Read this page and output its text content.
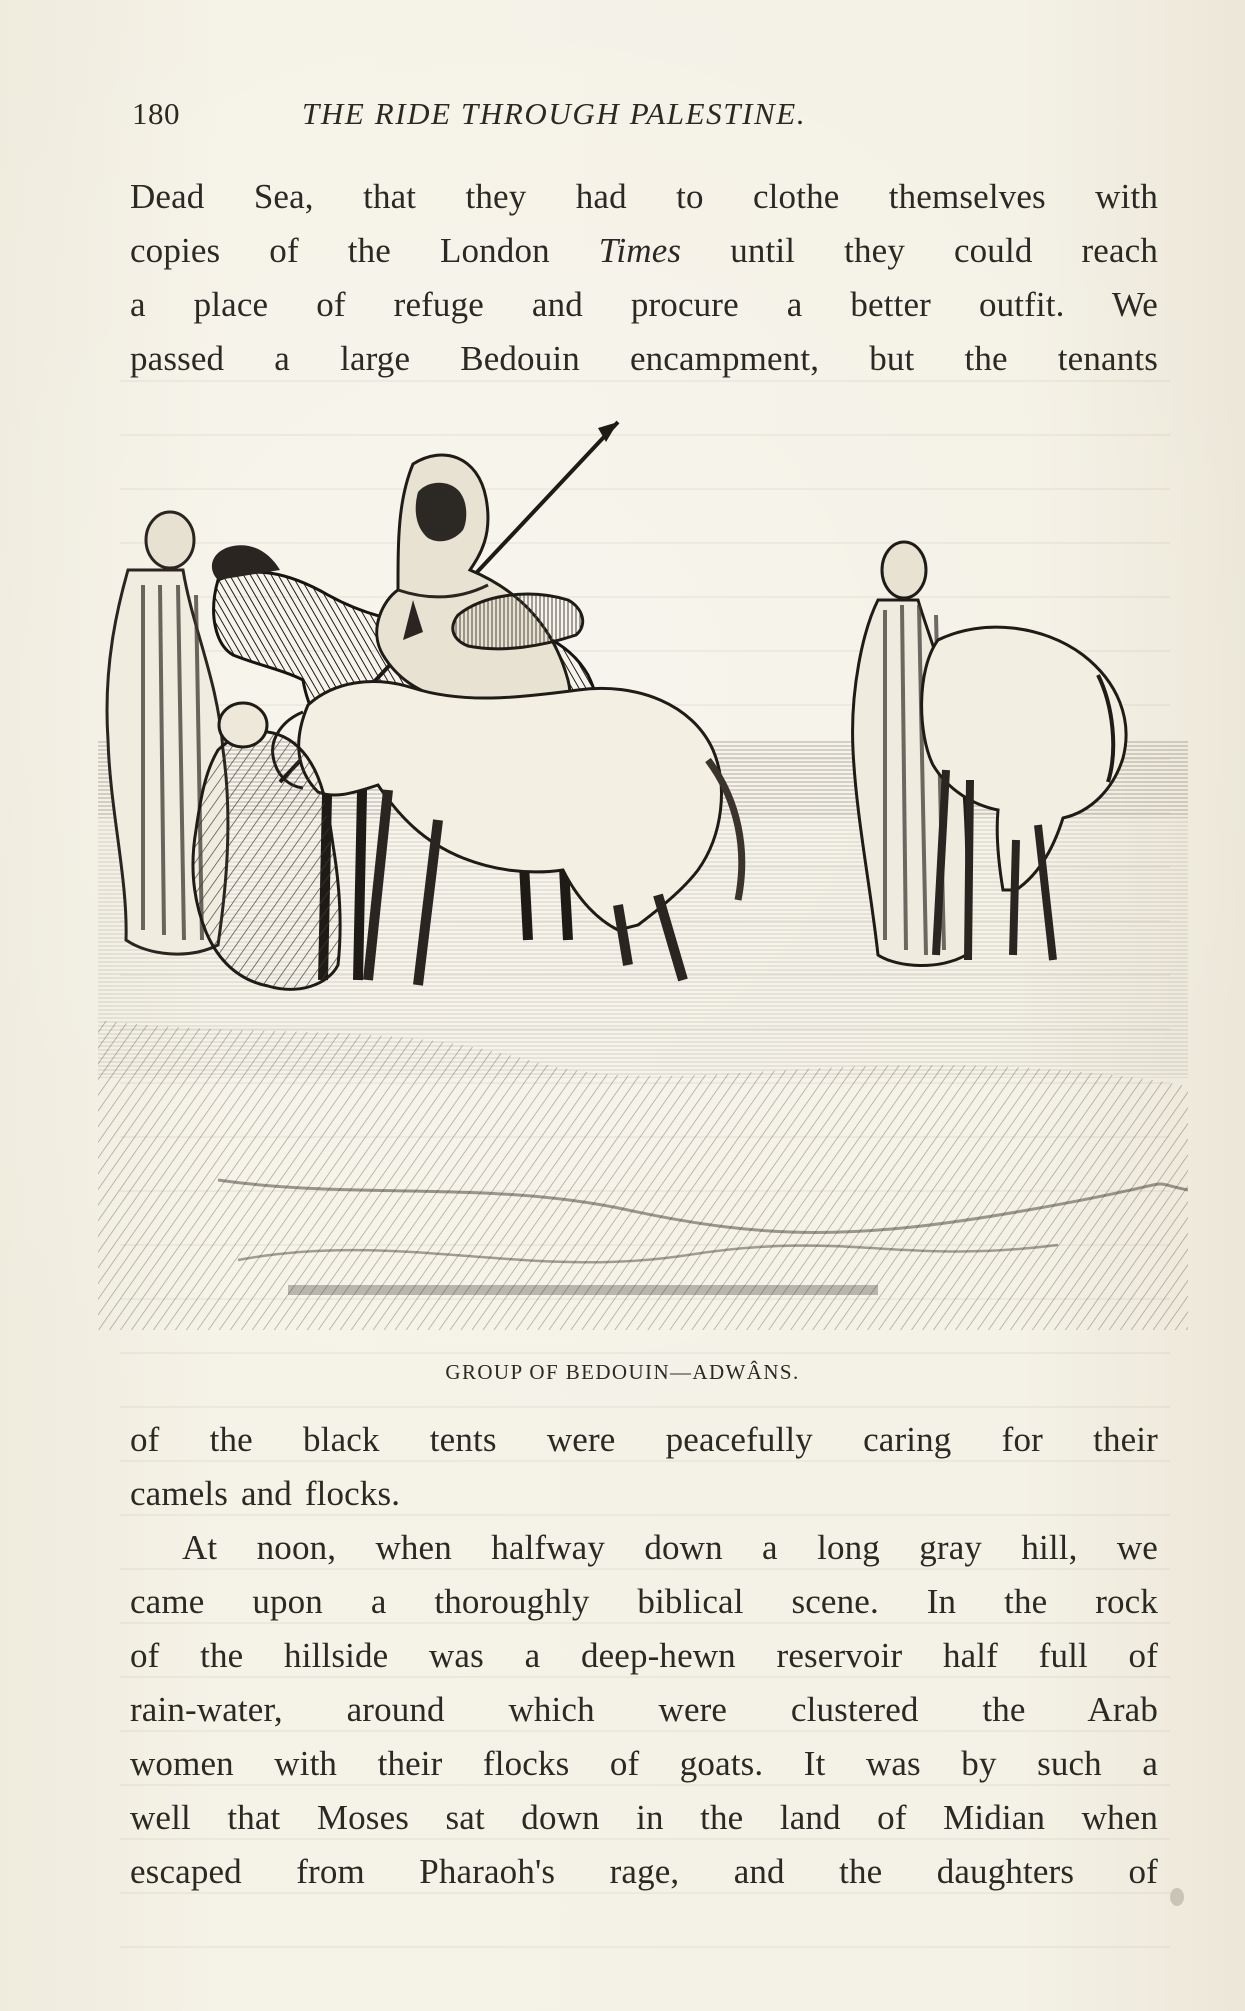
180	THE RIDE THROUGH PALESTINE.
Dead Sea, that they had to clothe themselves with
copies of the London Times until they could reach
a place of refuge and procure a better outfit. We
passed a large Bedouin encampment, but the tenants
GROUP OF BEDOUIN—ADWÂNS.
of the black tents were peacefully caring for their
camels and flocks.
At noon, when halfway down a long gray hill, we
came upon a thoroughly biblical scene. In the rock
of the hillside was a deep-hewn reservoir half full of
rain-water, around which were clustered the Arab
women with their flocks of goats. It was by such a
well that Moses sat down in the land of Midian when
escaped from Pharaoh's rage, and the daughters of
